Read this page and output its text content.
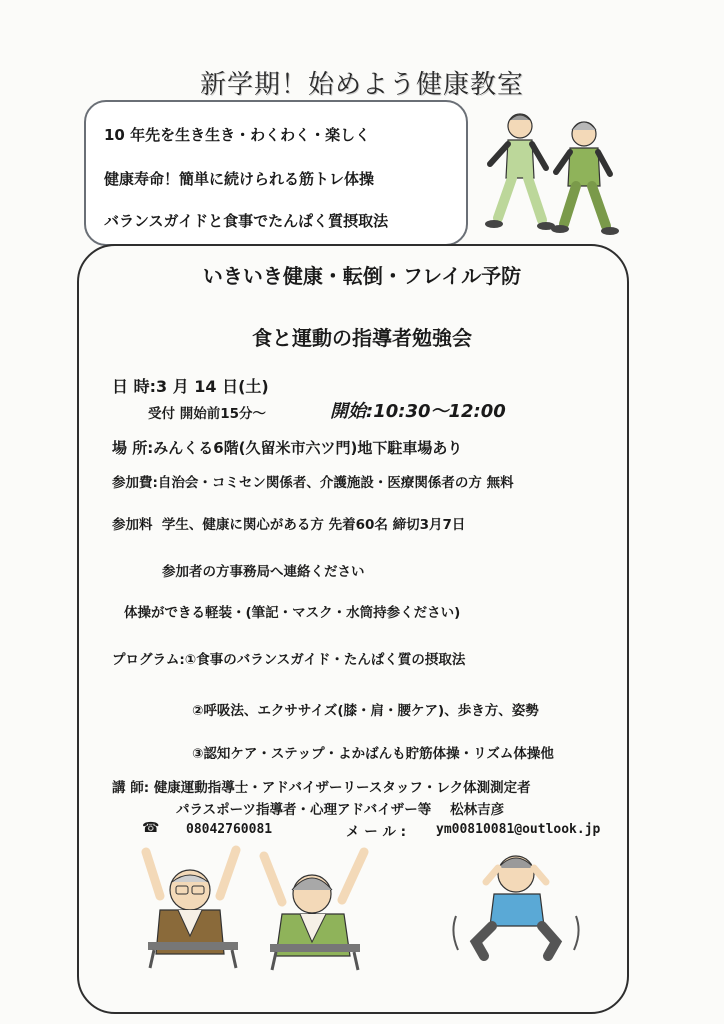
新学期！始めよう健康教室
10 年先を生き生き・わくわく・楽しく
健康寿命！簡単に続けられる筋トレ体操
バランスガイドと食事でたんぱく質摂取法
いきいき健康・転倒・フレイル予防
食と運動の指導者勉強会
日 時:3 月 14 日(土)
受付 開始前15分～	開始:10:30～12:00
場 所:みんくる6階(久留米市六ツ門)地下駐車場あり
参加費:自治会・コミセン関係者、介護施設・医療関係者の方 無料
参加料 学生、健康に関心がある方 先着60名 締切3月7日
参加者の方事務局へ連絡ください
体操ができる軽装・(筆記・マスク・水筒持参ください)
プログラム:①食事のバランスガイド・たんぱく質の摂取法
②呼吸法、エクササイズ(膝・肩・腰ケア)、歩き方、姿勢
③認知ケア・ステップ・よかばんも貯筋体操・リズム体操他
講 師: 健康運動指導士・アドバイザーリースタッフ・レク体測測定者
パラスポーツ指導者・心理アドバイザー等 松林吉彦
☎ 08042760081	メ ー ル : ym00810081@outlook.jp
